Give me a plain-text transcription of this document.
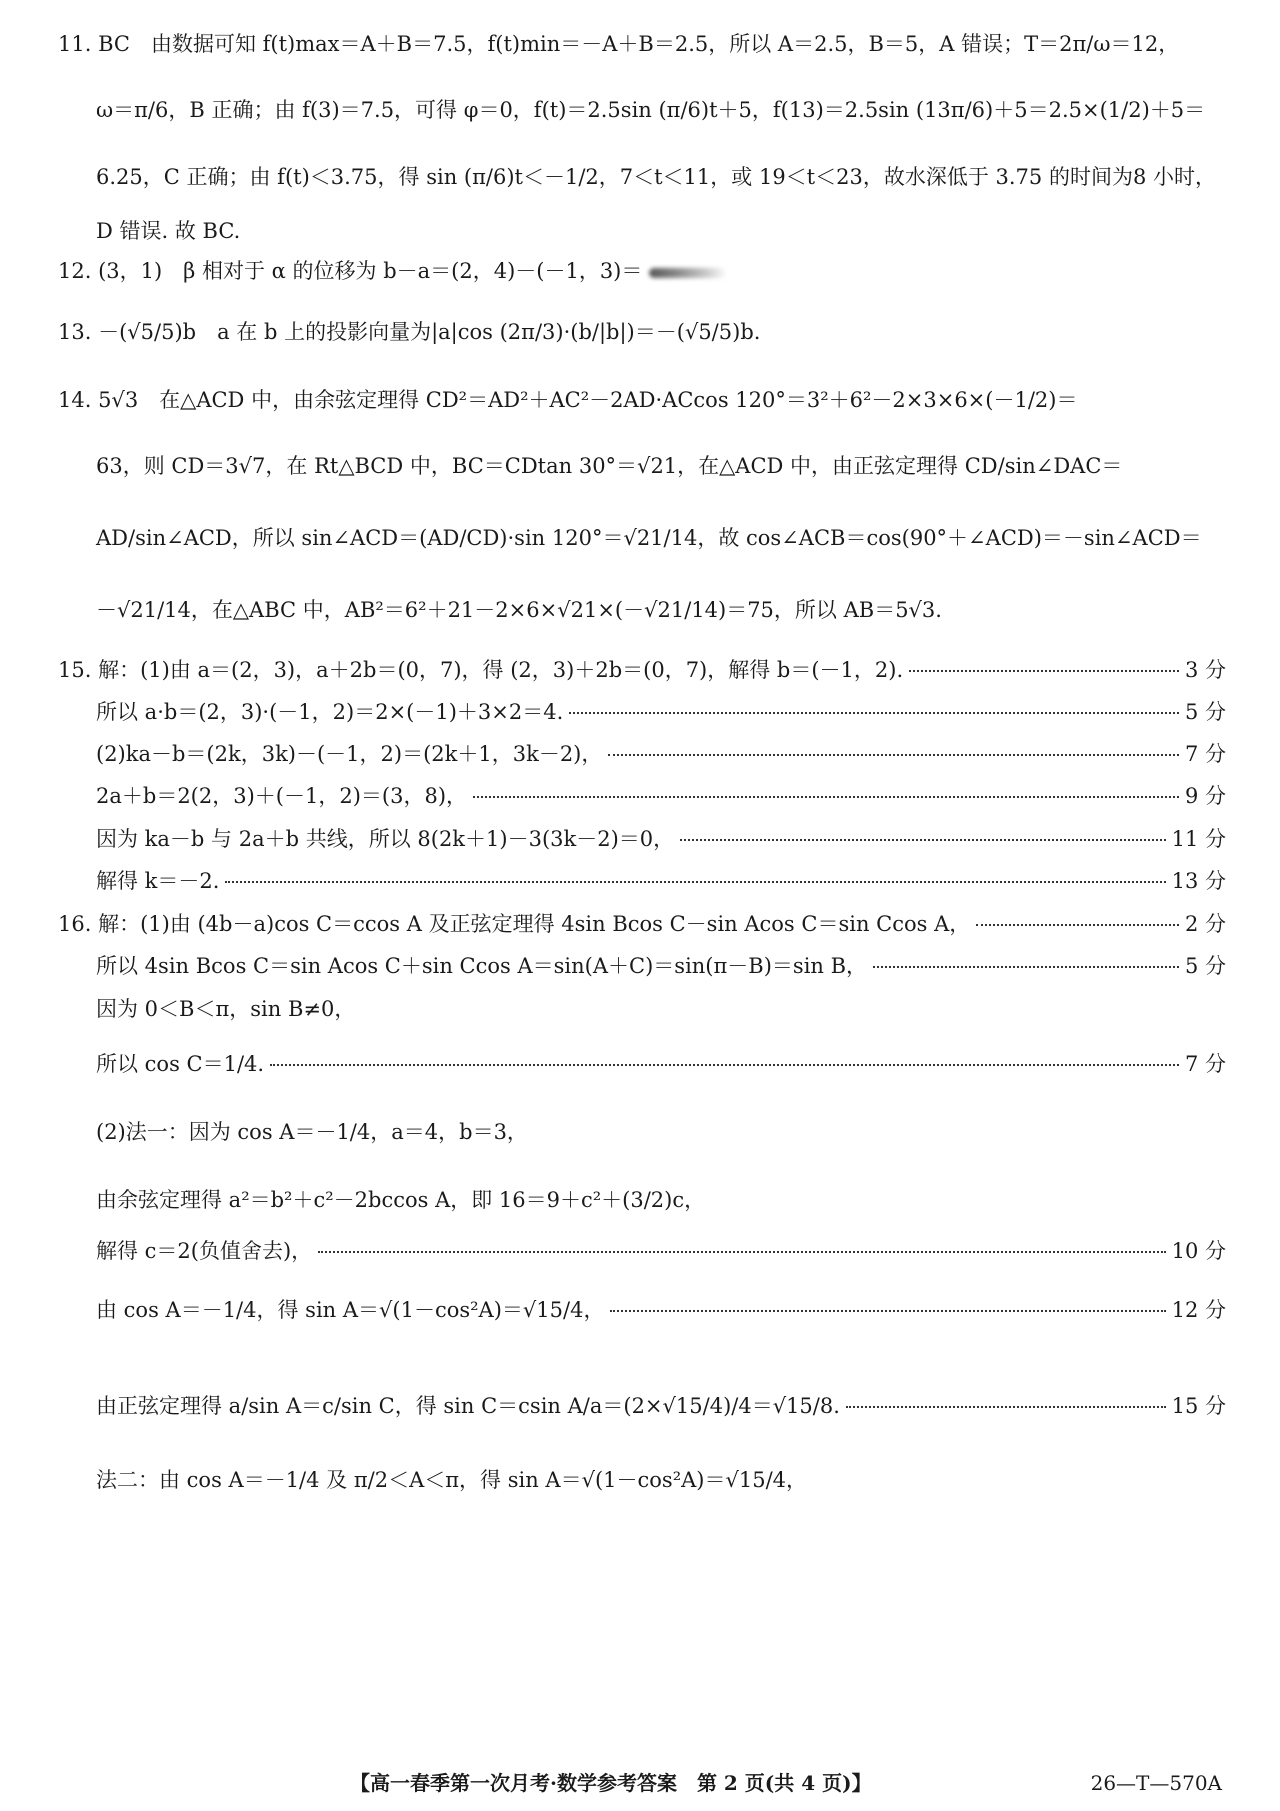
11. BC　由数据可知 f(t)max＝A＋B＝7.5，f(t)min＝－A＋B＝2.5，所以 A＝2.5，B＝5，A 错误；T＝2π/ω＝12，
ω＝π/6，B 正确；由 f(3)＝7.5，可得 φ＝0，f(t)＝2.5sin (π/6)t＋5，f(13)＝2.5sin (13π/6)＋5＝2.5×(1/2)＋5＝
6.25，C 正确；由 f(t)＜3.75，得 sin (π/6)t＜－1/2，7＜t＜11，或 19＜t＜23，故水深低于 3.75 的时间为8 小时，
D 错误. 故 BC.
12. (3，1)　β 相对于 α 的位移为 b－a＝(2，4)－(－1，3)＝
13. －(√5/5)b　a 在 b 上的投影向量为|a|cos (2π/3)·(b/|b|)＝－(√5/5)b.
14. 5√3　在△ACD 中，由余弦定理得 CD²＝AD²＋AC²－2AD·ACcos 120°＝3²＋6²－2×3×6×(－1/2)＝
63，则 CD＝3√7，在 Rt△BCD 中，BC＝CDtan 30°＝√21，在△ACD 中，由正弦定理得 CD/sin∠DAC＝
AD/sin∠ACD，所以 sin∠ACD＝(AD/CD)·sin 120°＝√21/14，故 cos∠ACB＝cos(90°＋∠ACD)＝－sin∠ACD＝
－√21/14，在△ABC 中，AB²＝6²＋21－2×6×√21×(－√21/14)＝75，所以 AB＝5√3.
15. 解：(1)由 a＝(2，3)，a＋2b＝(0，7)，得 (2，3)＋2b＝(0，7)，解得 b＝(－1，2).	3 分
所以 a·b＝(2，3)·(－1，2)＝2×(－1)＋3×2＝4.	5 分
(2)ka－b＝(2k，3k)－(－1，2)＝(2k＋1，3k－2)，	7 分
2a＋b＝2(2，3)＋(－1，2)＝(3，8)，	9 分
因为 ka－b 与 2a＋b 共线，所以 8(2k＋1)－3(3k－2)＝0，	11 分
解得 k＝－2.	13 分
16. 解：(1)由 (4b－a)cos C＝ccos A 及正弦定理得 4sin Bcos C－sin Acos C＝sin Ccos A，	2 分
所以 4sin Bcos C＝sin Acos C＋sin Ccos A＝sin(A＋C)＝sin(π－B)＝sin B，	5 分
因为 0＜B＜π，sin B≠0，
所以 cos C＝1/4.	7 分
(2)法一：因为 cos A＝－1/4，a＝4，b＝3，
由余弦定理得 a²＝b²＋c²－2bccos A，即 16＝9＋c²＋(3/2)c，
解得 c＝2(负值舍去)，	10 分
由 cos A＝－1/4，得 sin A＝√(1－cos²A)＝√15/4，	12 分
由正弦定理得 a/sin A＝c/sin C，得 sin C＝csin A/a＝(2×√15/4)/4＝√15/8.	15 分
法二：由 cos A＝－1/4 及 π/2＜A＜π，得 sin A＝√(1－cos²A)＝√15/4，
【高一春季第一次月考·数学参考答案　第 2 页(共 4 页)】	26—T—570A
